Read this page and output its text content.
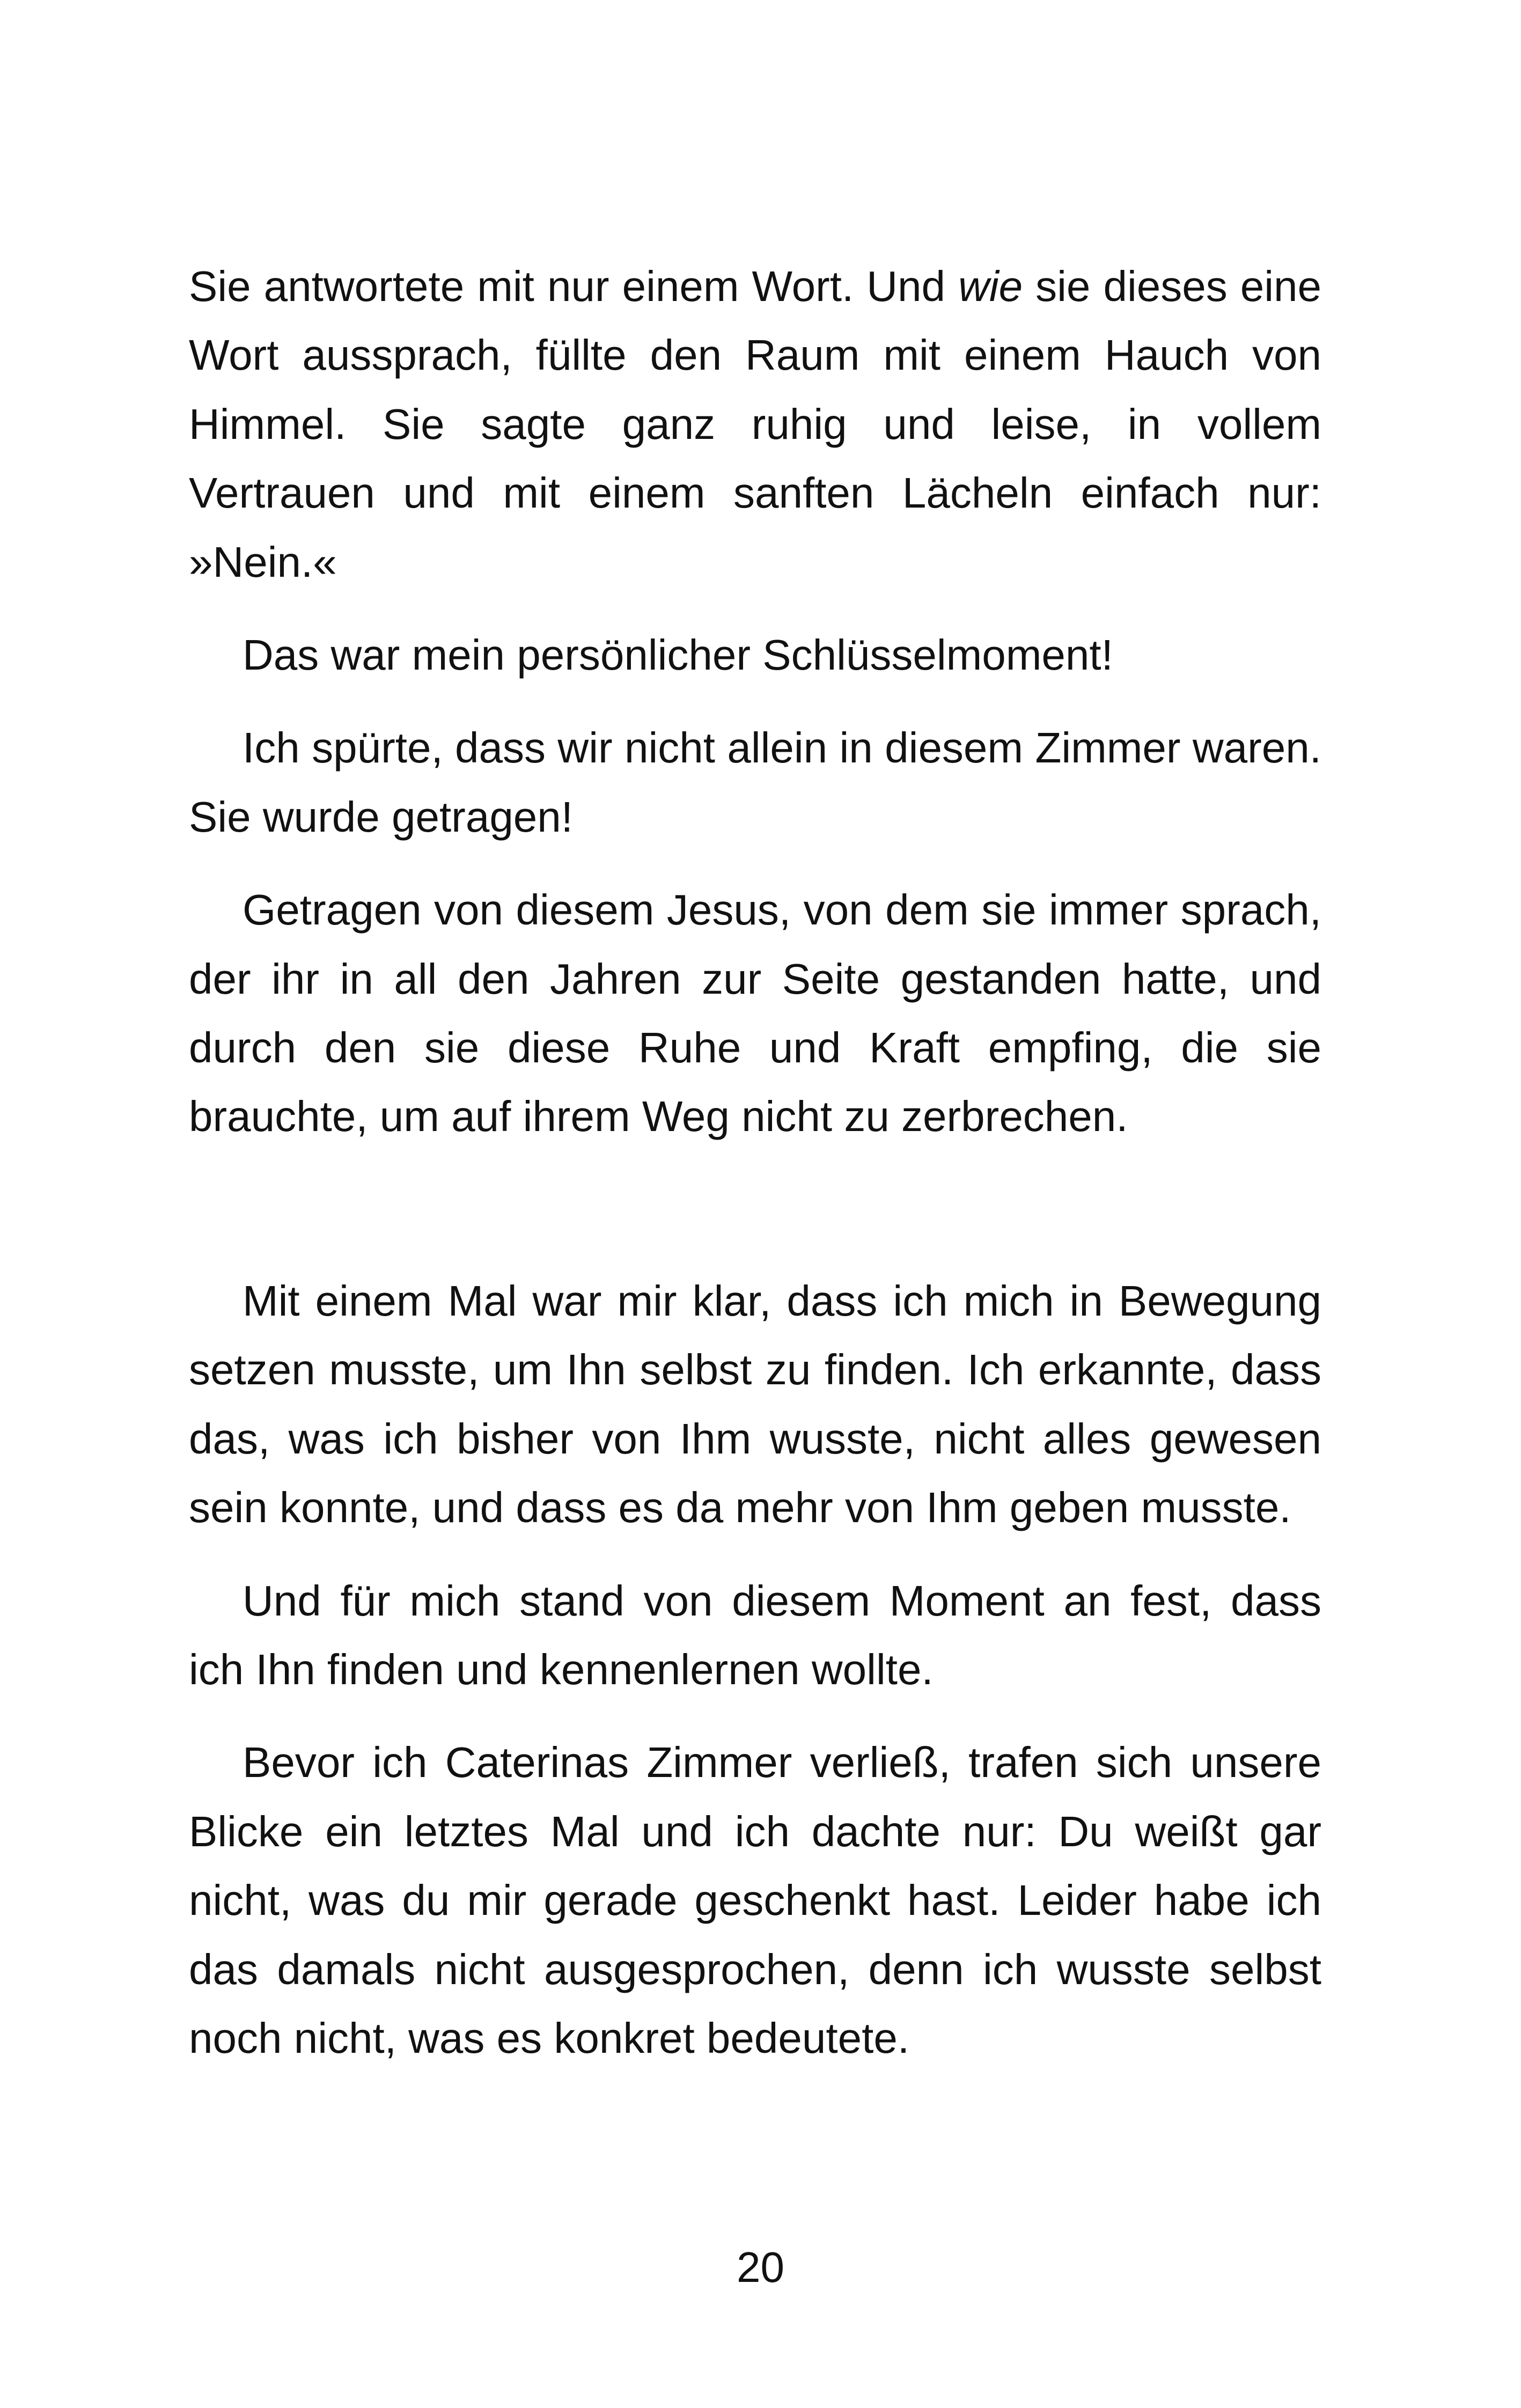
Sie antwortete mit nur einem Wort. Und wie sie dieses eine Wort aussprach, füllte den Raum mit einem Hauch von Himmel. Sie sagte ganz ruhig und leise, in vollem Vertrauen und mit einem sanften Lächeln einfach nur: »Nein.«

Das war mein persönlicher Schlüsselmoment!

Ich spürte, dass wir nicht allein in diesem Zimmer waren. Sie wurde getragen!

Getragen von diesem Jesus, von dem sie immer sprach, der ihr in all den Jahren zur Seite gestanden hatte, und durch den sie diese Ruhe und Kraft empfing, die sie brauchte, um auf ihrem Weg nicht zu zerbrechen.

Mit einem Mal war mir klar, dass ich mich in Bewegung setzen musste, um Ihn selbst zu finden. Ich erkannte, dass das, was ich bisher von Ihm wusste, nicht alles gewesen sein konnte, und dass es da mehr von Ihm geben musste.

Und für mich stand von diesem Moment an fest, dass ich Ihn finden und kennenlernen wollte.

Bevor ich Caterinas Zimmer verließ, trafen sich unsere Blicke ein letztes Mal und ich dachte nur: Du weißt gar nicht, was du mir gerade geschenkt hast. Leider habe ich das damals nicht ausgesprochen, denn ich wusste selbst noch nicht, was es konkret bedeutete.

20
